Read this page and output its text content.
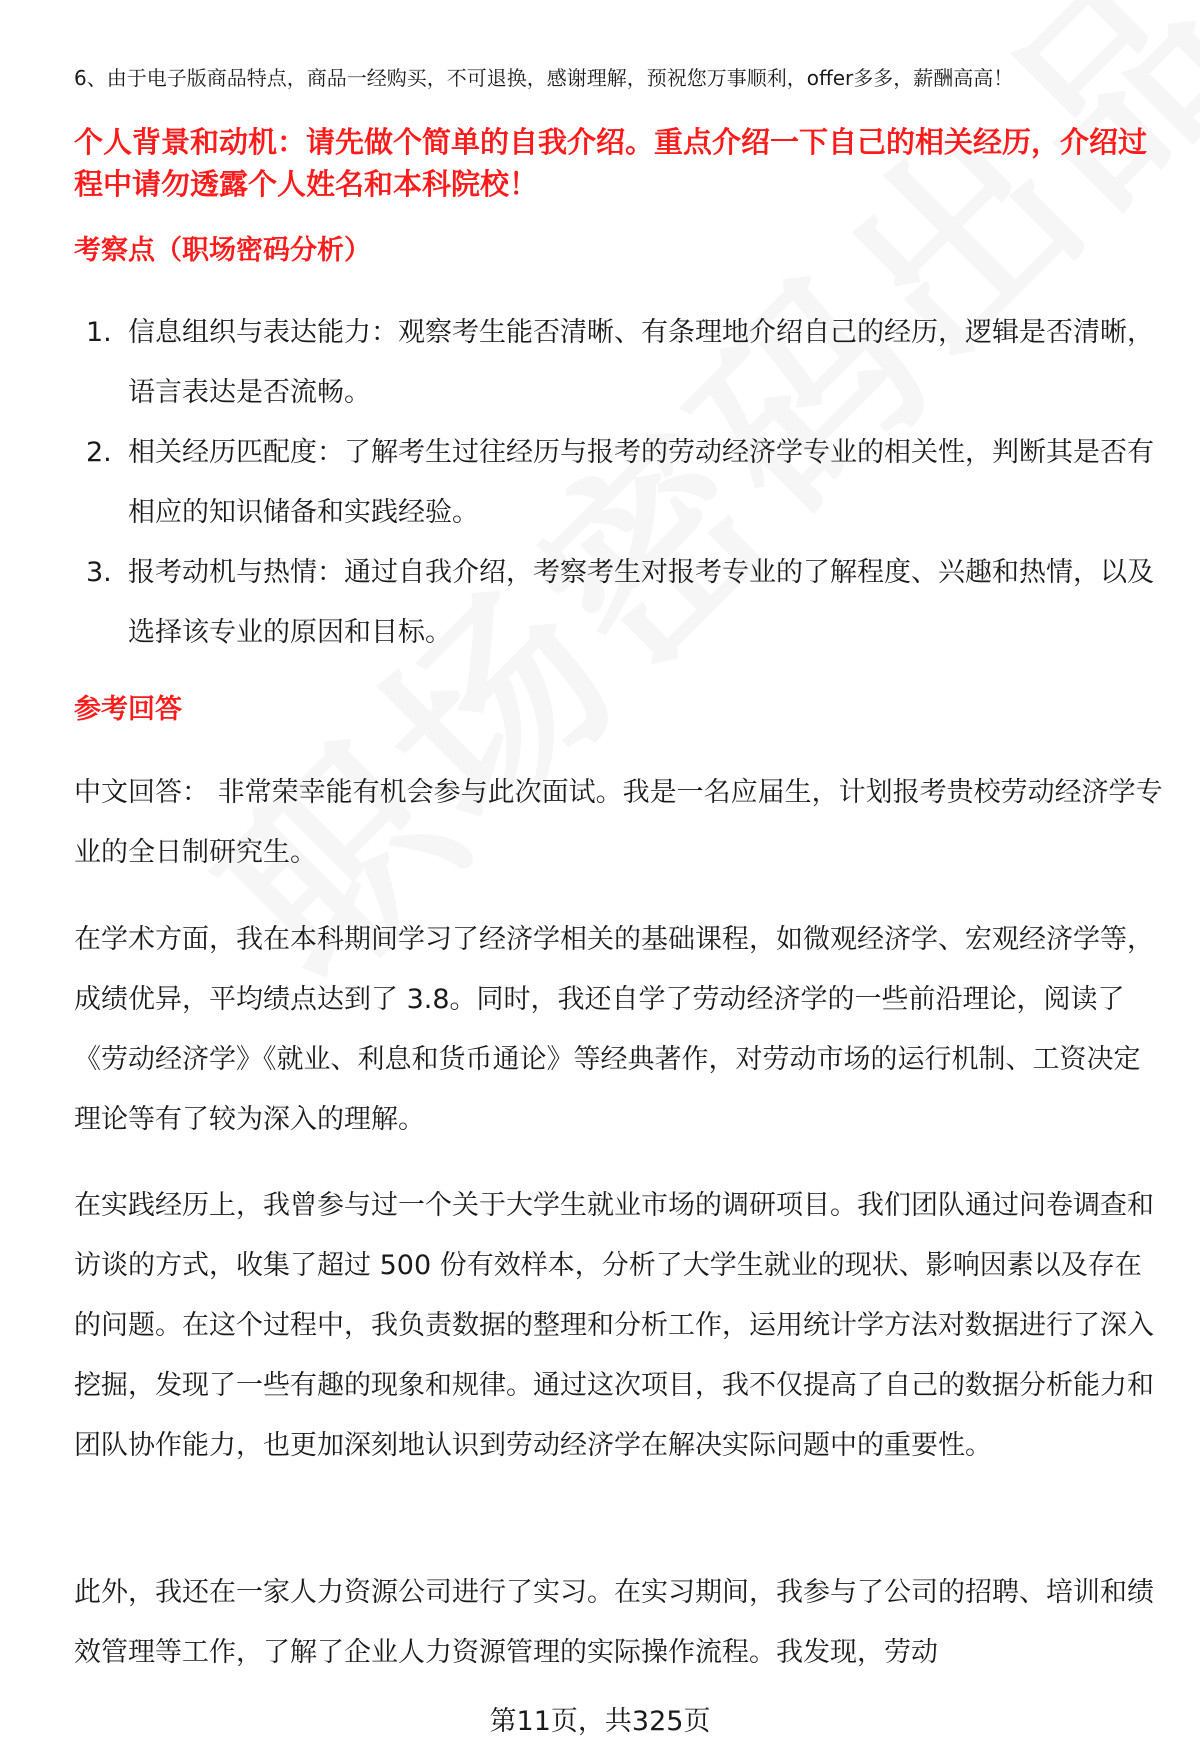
6、由于电子版商品特点，商品一经购买，不可退换，感谢理解，预祝您万事顺利，offer多多，薪酬高高！
个人背景和动机：请先做个简单的自我介绍。重点介绍一下自己的相关经历，介绍过程中请勿透露个人姓名和本科院校！
考察点（职场密码分析）
1. 信息组织与表达能力：观察考生能否清晰、有条理地介绍自己的经历，逻辑是否清晰，语言表达是否流畅。
2. 相关经历匹配度：了解考生过往经历与报考的劳动经济学专业的相关性，判断其是否有相应的知识储备和实践经验。
3. 报考动机与热情：通过自我介绍，考察考生对报考专业的了解程度、兴趣和热情，以及选择该专业的原因和目标。
参考回答

中文回答： 非常荣幸能有机会参与此次面试。我是一名应届生，计划报考贵校劳动经济学专业的全日制研究生。

在学术方面，我在本科期间学习了经济学相关的基础课程，如微观经济学、宏观经济学等，成绩优异，平均绩点达到了 3.8。同时，我还自学了劳动经济学的一些前沿理论，阅读了《劳动经济学》《就业、利息和货币通论》等经典著作，对劳动市场的运行机制、工资决定理论等有了较为深入的理解。

在实践经历上，我曾参与过一个关于大学生就业市场的调研项目。我们团队通过问卷调查和访谈的方式，收集了超过 500 份有效样本，分析了大学生就业的现状、影响因素以及存在的问题。在这个过程中，我负责数据的整理和分析工作，运用统计学方法对数据进行了深入挖掘，发现了一些有趣的现象和规律。通过这次项目，我不仅提高了自己的数据分析能力和团队协作能力，也更加深刻地认识到劳动经济学在解决实际问题中的重要性。

此外，我还在一家人力资源公司进行了实习。在实习期间，我参与了公司的招聘、培训和绩效管理等工作，了解了企业人力资源管理的实际操作流程。我发现，劳动

第11页，共325页
